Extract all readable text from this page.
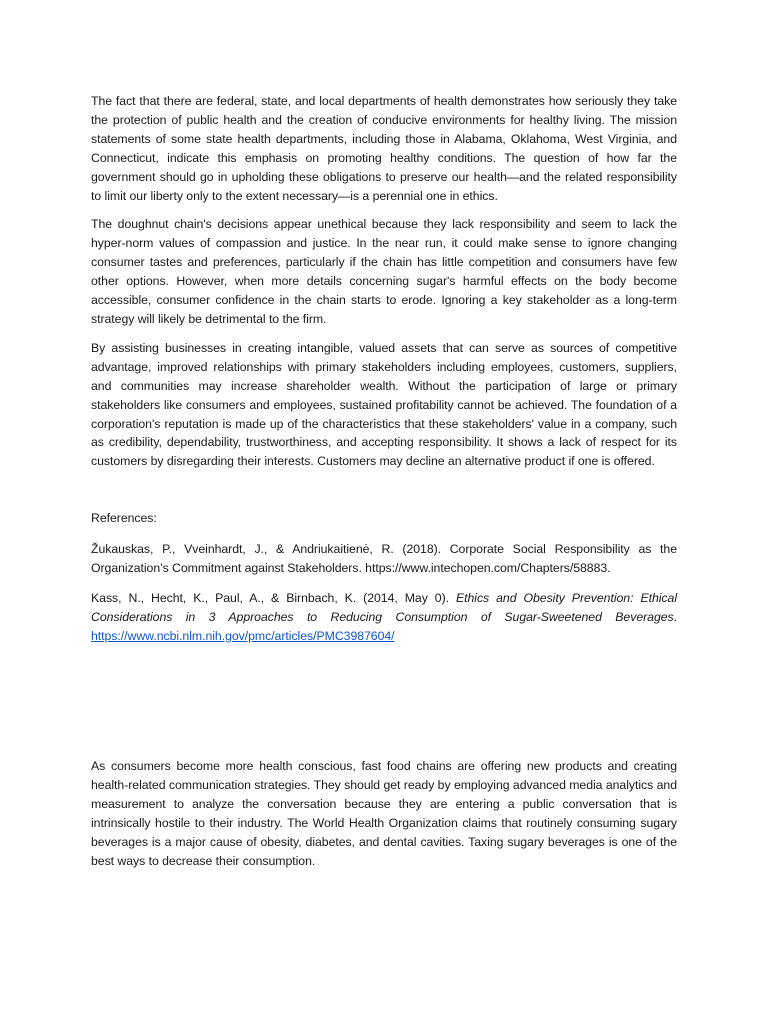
The fact that there are federal, state, and local departments of health demonstrates how seriously they take the protection of public health and the creation of conducive environments for healthy living. The mission statements of some state health departments, including those in Alabama, Oklahoma, West Virginia, and Connecticut, indicate this emphasis on promoting healthy conditions. The question of how far the government should go in upholding these obligations to preserve our health—and the related responsibility to limit our liberty only to the extent necessary—is a perennial one in ethics.

The doughnut chain's decisions appear unethical because they lack responsibility and seem to lack the hyper-norm values of compassion and justice. In the near run, it could make sense to ignore changing consumer tastes and preferences, particularly if the chain has little competition and consumers have few other options. However, when more details concerning sugar's harmful effects on the body become accessible, consumer confidence in the chain starts to erode. Ignoring a key stakeholder as a long-term strategy will likely be detrimental to the firm.

By assisting businesses in creating intangible, valued assets that can serve as sources of competitive advantage, improved relationships with primary stakeholders including employees, customers, suppliers, and communities may increase shareholder wealth. Without the participation of large or primary stakeholders like consumers and employees, sustained profitability cannot be achieved. The foundation of a corporation's reputation is made up of the characteristics that these stakeholders' value in a company, such as credibility, dependability, trustworthiness, and accepting responsibility. It shows a lack of respect for its customers by disregarding their interests. Customers may decline an alternative product if one is offered.

References:

Žukauskas, P., Vveinhardt, J., & Andriukaitienė, R. (2018). Corporate Social Responsibility as the Organization’s Commitment against Stakeholders. https://www.intechopen.com/Chapters/58883.

Kass, N., Hecht, K., Paul, A., & Birnbach, K. (2014, May 0). Ethics and Obesity Prevention: Ethical Considerations in 3 Approaches to Reducing Consumption of Sugar-Sweetened Beverages. https://www.ncbi.nlm.nih.gov/pmc/articles/PMC3987604/

As consumers become more health conscious, fast food chains are offering new products and creating health-related communication strategies. They should get ready by employing advanced media analytics and measurement to analyze the conversation because they are entering a public conversation that is intrinsically hostile to their industry. The World Health Organization claims that routinely consuming sugary beverages is a major cause of obesity, diabetes, and dental cavities. Taxing sugary beverages is one of the best ways to decrease their consumption.
